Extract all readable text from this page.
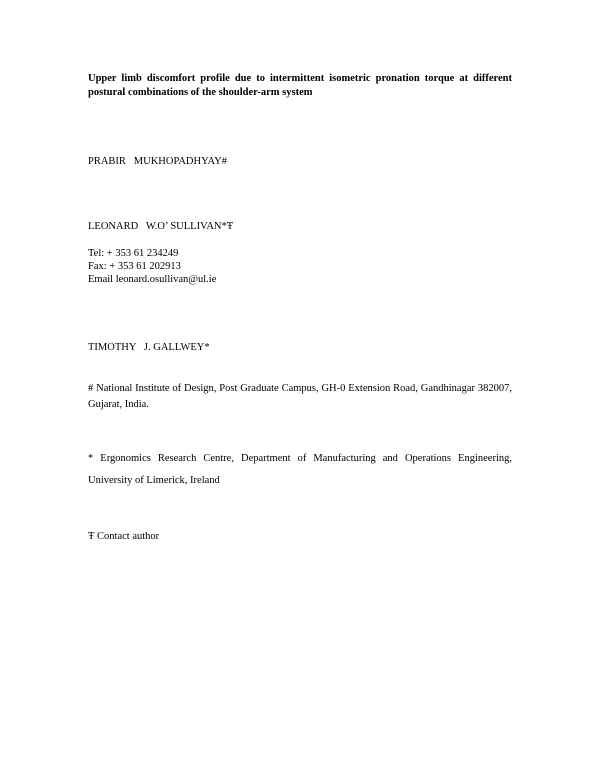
Upper limb discomfort profile due to intermittent isometric pronation torque at different postural combinations of the shoulder-arm system

PRABIR   MUKHOPADHYAY#
LEONARD   W.O’ SULLIVAN*Ŧ
Tel: + 353 61 234249
Fax: + 353 61 202913
Email leonard.osullivan@ul.ie
TIMOTHY   J. GALLWEY*

# National Institute of Design, Post Graduate Campus, GH-0 Extension Road, Gandhinagar 382007, Gujarat, India.

* Ergonomics Research Centre, Department of Manufacturing and Operations Engineering, University of Limerick, Ireland

Ŧ Contact author
